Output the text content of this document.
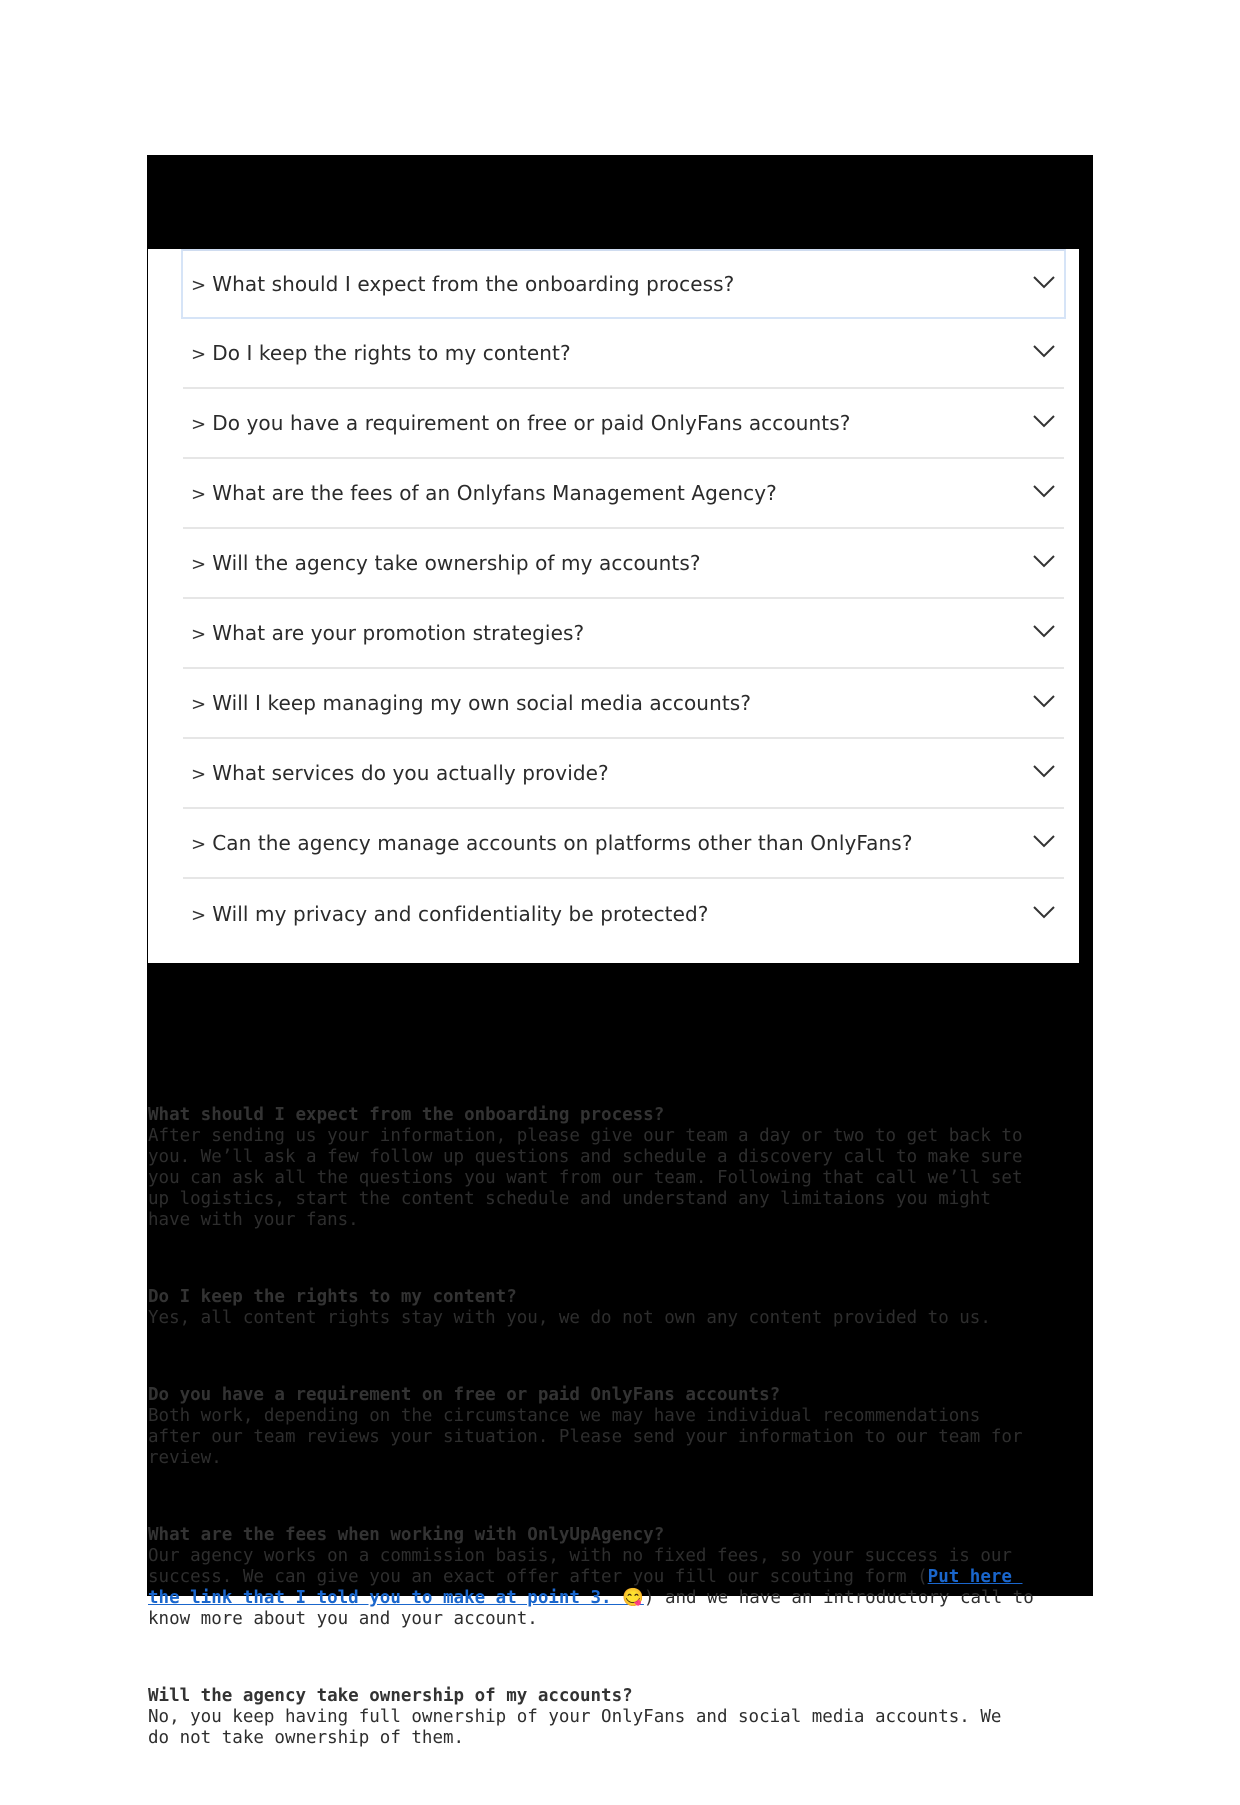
What should I expect from the onboarding process?
After sending us your information, please give our team a day or two to get back to
you. We’ll ask a few follow up questions and schedule a discovery call to make sure
you can ask all the questions you want from our team. Following that call we’ll set
up logistics, start the content schedule and understand any limitaions you might
have with your fans.

Do I keep the rights to my content?
Yes, all content rights stay with you, we do not own any content provided to us.

Do you have a requirement on free or paid OnlyFans accounts?
Both work, depending on the circumstance we may have individual recommendations
after our team reviews your situation. Please send your information to our team for
review.

What are the fees when working with OnlyUpAgency?
Our agency works on a commission basis, with no fixed fees, so your success is our
success. We can give you an exact offer after you fill our scouting form (Put here
the link that I told you to make at point 3. 😋) and we have an introductory call to
know more about you and your account.

Will the agency take ownership of my accounts?
No, you keep having full ownership of your OnlyFans and social media accounts. We
do not take ownership of them.

> What should I expect from the onboarding process?
> Do I keep the rights to my content?
> Do you have a requirement on free or paid OnlyFans accounts?
> What are the fees of an Onlyfans Management Agency?
> Will the agency take ownership of my accounts?
> What are your promotion strategies?
> Will I keep managing my own social media accounts?
> What services do you actually provide?
> Can the agency manage accounts on platforms other than OnlyFans?
> Will my privacy and confidentiality be protected?
